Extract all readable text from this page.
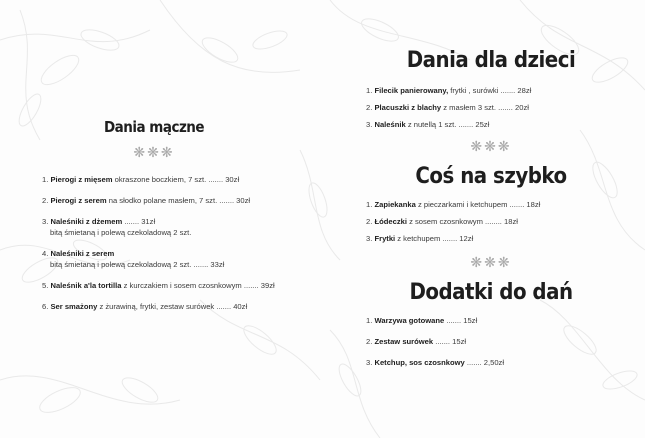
Dania mączne
❋❋❋
1. Pierogi z mięsem okraszone boczkiem, 7 szt. ....... 30zł
2. Pierogi z serem na słodko polane masłem, 7 szt. ....... 30zł
3. Naleśniki z dżemem ....... 31zł
bitą śmietaną i polewą czekoladową 2 szt.
4. Naleśniki z serem
bitą śmietaną i polewą czekoladową 2 szt. ....... 33zł
5. Naleśnik a'la tortilla z kurczakiem i sosem czosnkowym ....... 39zł
6. Ser smażony z żurawiną, frytki, zestaw surówek ....... 40zł
Dania dla dzieci
1. Filecik panierowany, frytki , surówki ....... 28zł
2. Placuszki z blachy z masłem 3 szt. ....... 20zł
3. Naleśnik z nutellą 1 szt. ....... 25zł
❋❋❋
Coś na szybko
1. Zapiekanka z pieczarkami i ketchupem ....... 18zł
2. Łódeczki z sosem czosnkowym ........ 18zł
3. Frytki z ketchupem ....... 12zł
❋❋❋
Dodatki do dań
1. Warzywa gotowane ....... 15zł
2. Zestaw surówek ....... 15zł
3. Ketchup, sos czosnkowy ....... 2,50zł
